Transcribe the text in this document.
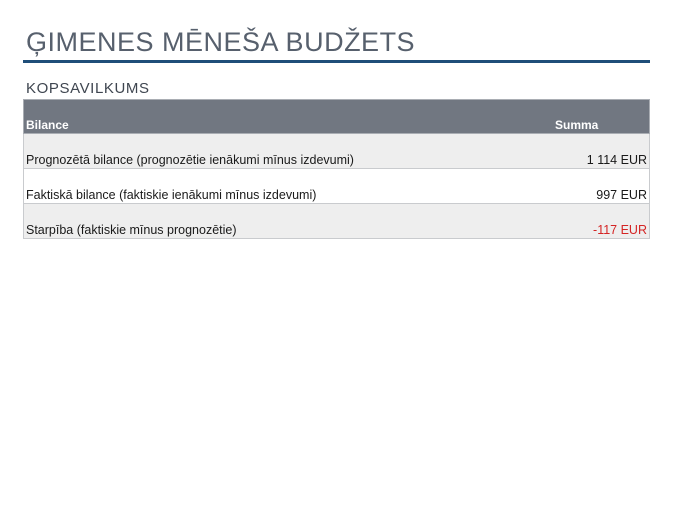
ĢIMENES MĒNEŠA BUDŽETS
KOPSAVILKUMS
Bilance	Summa
Prognozētā bilance (prognozētie ienākumi mīnus izdevumi)	1 114 EUR
Faktiskā bilance (faktiskie ienākumi mīnus izdevumi)	997 EUR
Starpība (faktiskie mīnus prognozētie)	-117 EUR
